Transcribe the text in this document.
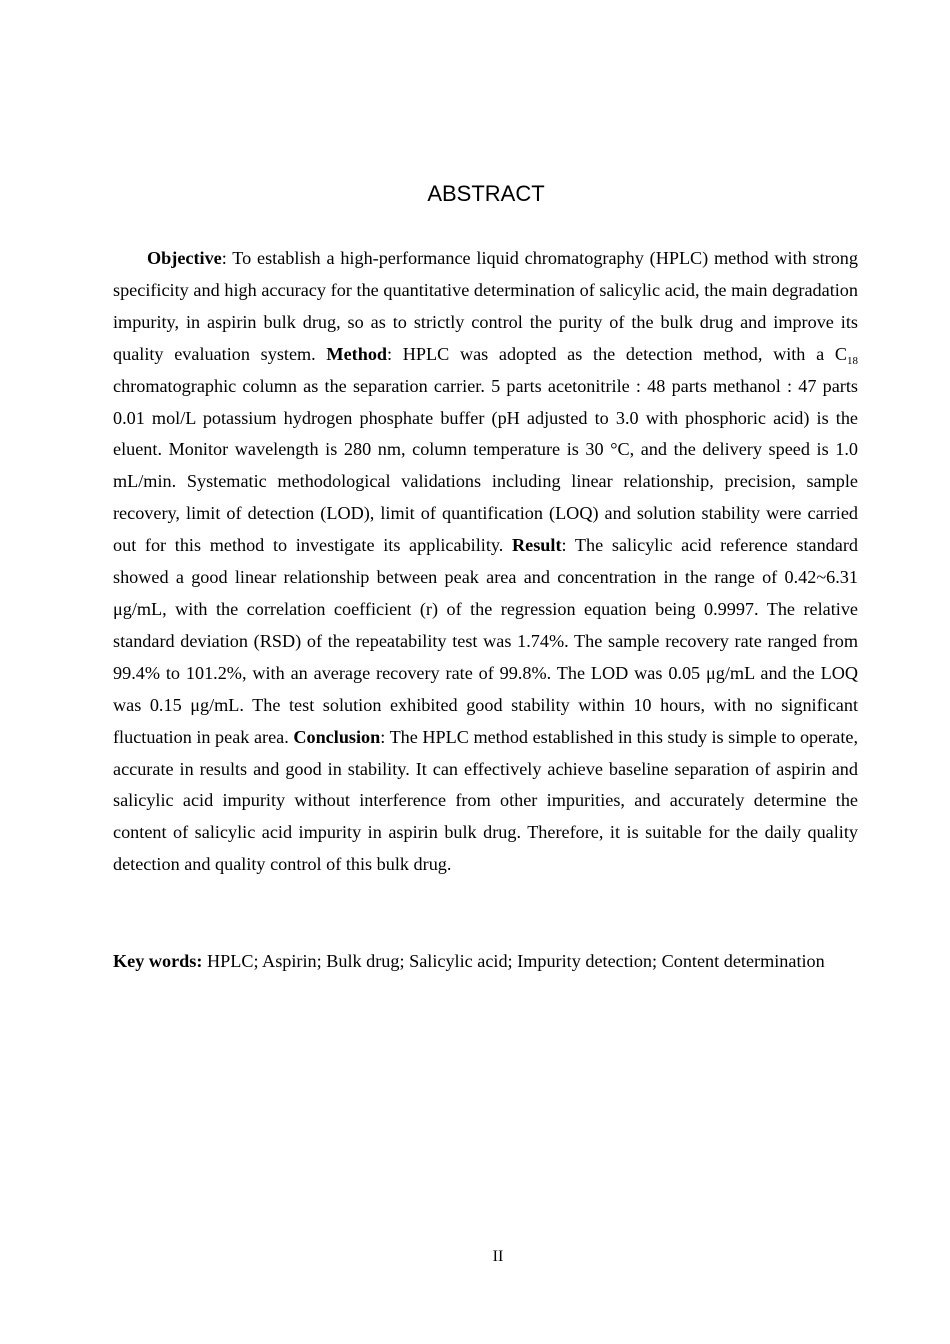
ABSTRACT

Objective: To establish a high-performance liquid chromatography (HPLC) method with strong specificity and high accuracy for the quantitative determination of salicylic acid, the main degradation impurity, in aspirin bulk drug, so as to strictly control the purity of the bulk drug and improve its quality evaluation system. Method: HPLC was adopted as the detection method, with a $C_{18}$ chromatographic column as the separation carrier. 5 parts acetonitrile : 48 parts methanol : 47 parts 0.01 mol/L potassium hydrogen phosphate buffer (pH adjusted to 3.0 with phosphoric acid) is the eluent. Monitor wavelength is 280 nm, column temperature is 30 °C, and the delivery speed is 1.0 mL/min. Systematic methodological validations including linear relationship, precision, sample recovery, limit of detection (LOD), limit of quantification (LOQ) and solution stability were carried out for this method to investigate its applicability. Result: The salicylic acid reference standard showed a good linear relationship between peak area and concentration in the range of 0.42~6.31 μg/mL, with the correlation coefficient (r) of the regression equation being 0.9997. The relative standard deviation (RSD) of the repeatability test was 1.74%. The sample recovery rate ranged from 99.4% to 101.2%, with an average recovery rate of 99.8%. The LOD was 0.05 μg/mL and the LOQ was 0.15 μg/mL. The test solution exhibited good stability within 10 hours, with no significant fluctuation in peak area. Conclusion: The HPLC method established in this study is simple to operate, accurate in results and good in stability. It can effectively achieve baseline separation of aspirin and salicylic acid impurity without interference from other impurities, and accurately determine the content of salicylic acid impurity in aspirin bulk drug. Therefore, it is suitable for the daily quality detection and quality control of this bulk drug.

Key words: HPLC; Aspirin; Bulk drug; Salicylic acid; Impurity detection; Content determination
II
